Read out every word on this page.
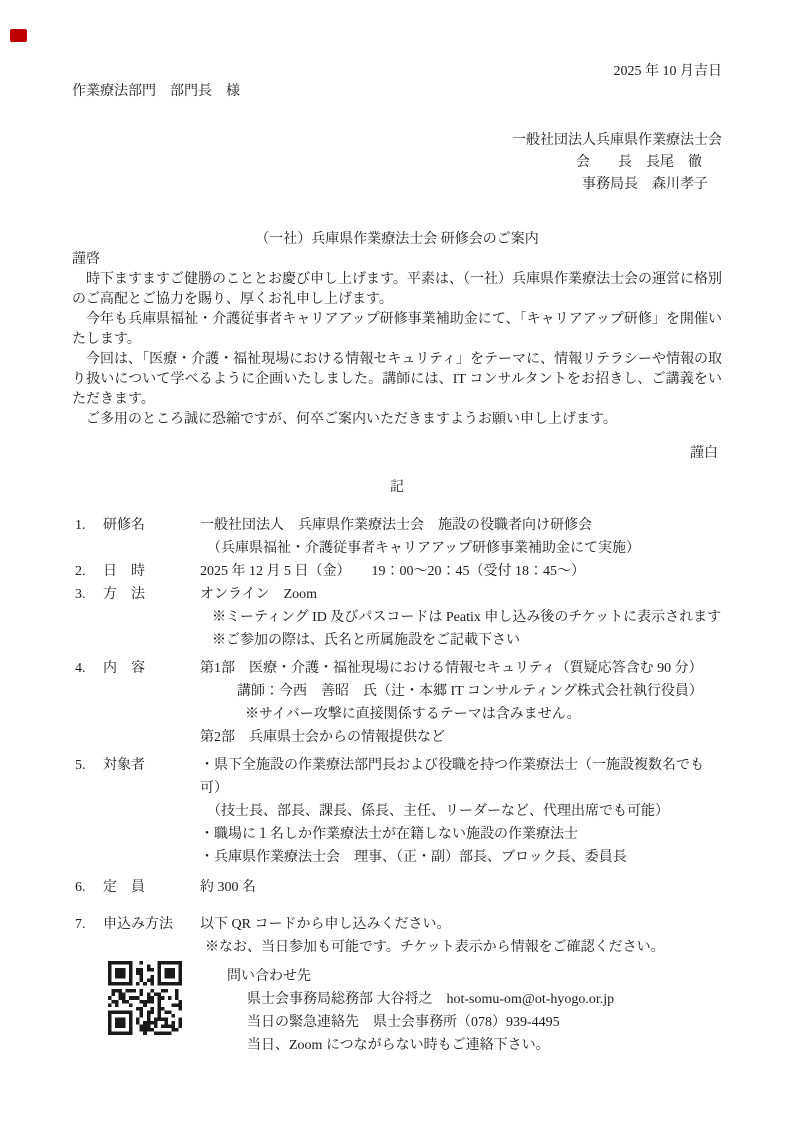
2025 年 10 月吉日
作業療法部門　部門長　様
一般社団法人兵庫県作業療法士会
会　　長　長尾　徹
事務局長　森川孝子
（一社）兵庫県作業療法士会 研修会のご案内
謹啓

時下ますますご健勝のこととお慶び申し上げます。平素は、（一社）兵庫県作業療法士会の運営に格別のご高配とご協力を賜り、厚くお礼申し上げます。

今年も兵庫県福祉・介護従事者キャリアアップ研修事業補助金にて、「キャリアアップ研修」を開催いたします。

今回は、「医療・介護・福祉現場における情報セキュリティ」をテーマに、情報リテラシーや情報の取り扱いについて学べるように企画いたしました。講師には、IT コンサルタントをお招きし、ご講義をいただきます。

ご多用のところ誠に恐縮ですが、何卒ご案内いただきますようお願い申し上げます。

謹白
記
1.	研修名	一般社団法人　兵庫県作業療法士会　施設の役職者向け研修会
（兵庫県福祉・介護従事者キャリアアップ研修事業補助金にて実施）
2.	日　時	2025 年 12 月 5 日（金）　　19：00～20：45（受付 18：45～）
3.	方　法	オンライン　Zoom
※ミーティング ID 及びパスコードは Peatix 申し込み後のチケットに表示されます
※ご参加の際は、氏名と所属施設をご記載下さい
4.	内　容	第1部　医療・介護・福祉現場における情報セキュリティ（質疑応答含む 90 分）
講師：今西　善昭　氏（辻・本郷 IT コンサルティング株式会社執行役員）
※サイバー攻撃に直接関係するテーマは含みません。
第2部　兵庫県士会からの情報提供など
5.	対象者	・県下全施設の作業療法部門長および役職を持つ作業療法士（一施設複数名でも可）
（技士長、部長、課長、係長、主任、リーダーなど、代理出席でも可能）
・職場に１名しか作業療法士が在籍しない施設の作業療法士
・兵庫県作業療法士会　理事、（正・副）部長、ブロック長、委員長
6.	定　員	約 300 名
7.	申込み方法	以下 QR コードから申し込みください。
※なお、当日参加も可能です。チケット表示から情報をご確認ください。
問い合わせ先
県士会事務局総務部 大谷将之　hot-somu-om@ot-hyogo.or.jp
当日の緊急連絡先　県士会事務所（078）939-4495
当日、Zoom につながらない時もご連絡下さい。
